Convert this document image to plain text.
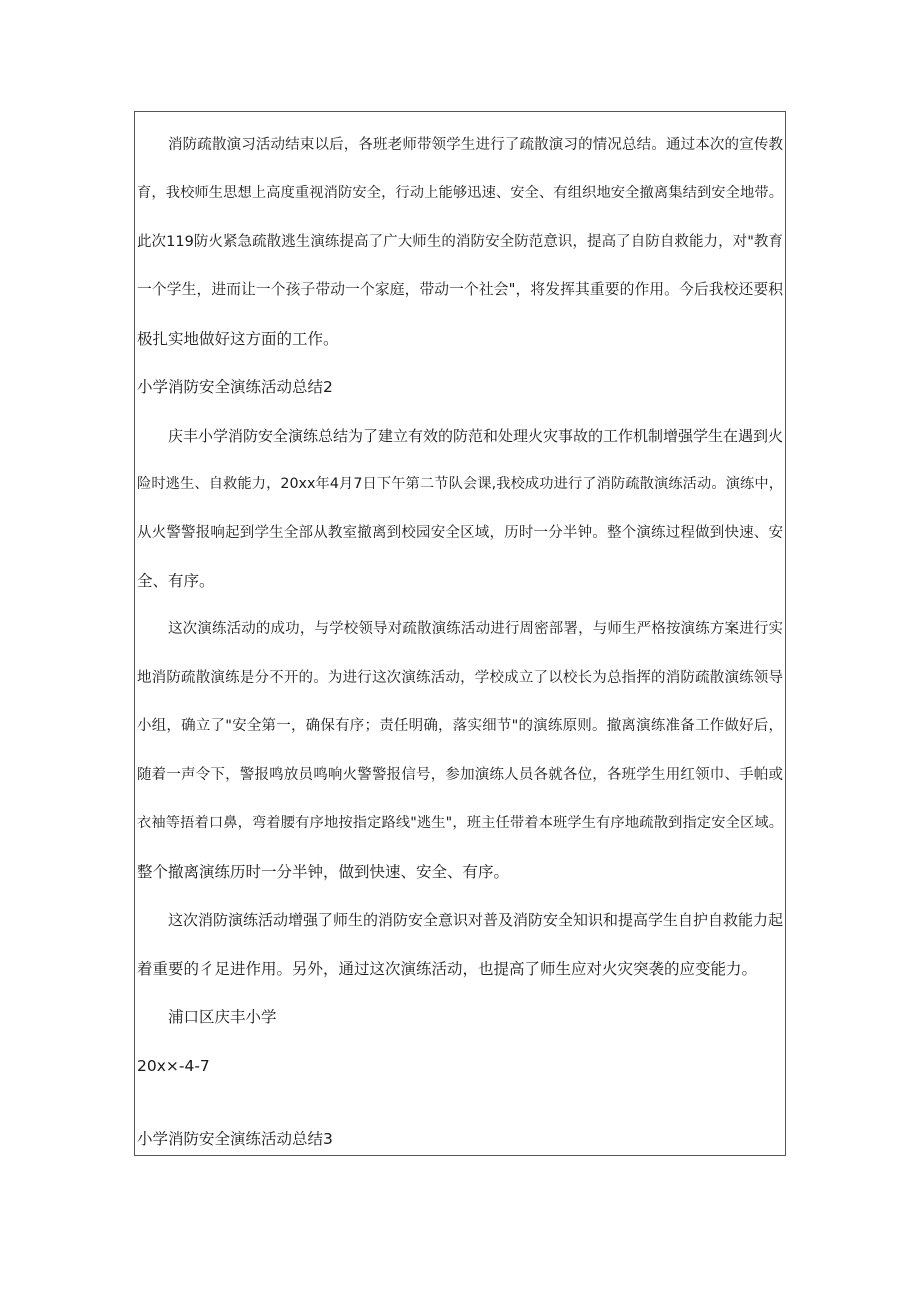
消防疏散演习活动结束以后，各班老师带领学生进行了疏散演习的情况总结。通过本次的宣传教
育，我校师生思想上高度重视消防安全，行动上能够迅速、安全、有组织地安全撤离集结到安全地带。
此次119防火紧急疏散逃生演练提高了广大师生的消防安全防范意识，提高了自防自救能力，对"教育
一个学生，进而让一个孩子带动一个家庭，带动一个社会"，将发挥其重要的作用。今后我校还要积
极扎实地做好这方面的工作。
小学消防安全演练活动总结2
庆丰小学消防安全演练总结为了建立有效的防范和处理火灾事故的工作机制增强学生在遇到火
险时逃生、自救能力，20xx年4月7日下午第二节队会课,我校成功进行了消防疏散演练活动。演练中，
从火警警报响起到学生全部从教室撤离到校园安全区域，历时一分半钟。整个演练过程做到快速、安
全、有序。
这次演练活动的成功，与学校领导对疏散演练活动进行周密部署，与师生严格按演练方案进行实
地消防疏散演练是分不开的。为进行这次演练活动，学校成立了以校长为总指挥的消防疏散演练领导
小组，确立了"安全第一，确保有序；责任明确，落实细节"的演练原则。撤离演练准备工作做好后，
随着一声令下，警报鸣放员鸣响火警警报信号，参加演练人员各就各位，各班学生用红领巾、手帕或
衣袖等捂着口鼻，弯着腰有序地按指定路线"逃生"，班主任带着本班学生有序地疏散到指定安全区域。
整个撤离演练历时一分半钟，做到快速、安全、有序。
这次消防演练活动增强了师生的消防安全意识对普及消防安全知识和提高学生自护自救能力起
着重要的彳足进作用。另外，通过这次演练活动，也提高了师生应对火灾突袭的应变能力。
浦口区庆丰小学
20x×-4-7
小学消防安全演练活动总结3
